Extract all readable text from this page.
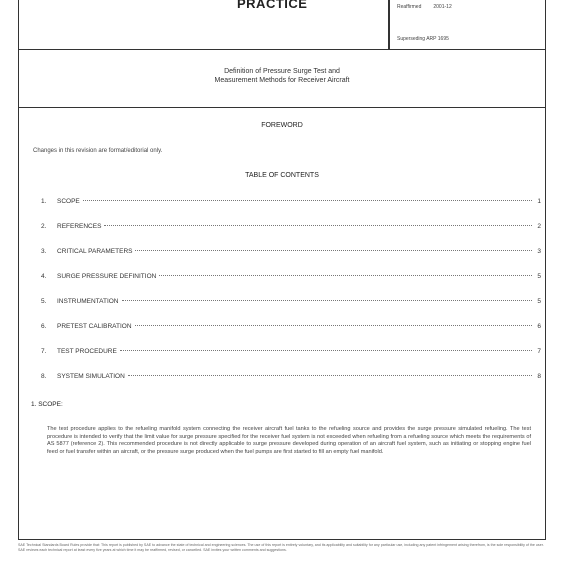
PRACTICE	Reaffirmed 2001-12
Superseding ARP 1695
Definition of Pressure Surge Test and
Measurement Methods for Receiver Aircraft
FOREWORD
Changes in this revision are format/editorial only.
TABLE OF CONTENTS
1.	SCOPE	1
2.	REFERENCES	2
3.	CRITICAL PARAMETERS	3
4.	SURGE PRESSURE DEFINITION	5
5.	INSTRUMENTATION	5
6.	PRETEST CALIBRATION	6
7.	TEST PROCEDURE	7
8.	SYSTEM SIMULATION	8
1. SCOPE:
The test procedure applies to the refueling manifold system connecting the receiver aircraft fuel tanks to the refueling source and provides the surge pressure simulated refueling. The test procedure is intended to verify that the limit value for surge pressure specified for the receiver fuel system is not exceeded when refueling from a refueling source which meets the requirements of AS 5877 (reference 2). This recommended procedure is not directly applicable to surge pressure developed during operation of an aircraft fuel system, such as initiating or stopping engine fuel feed or fuel transfer within an aircraft, or the pressure surge produced when the fuel pumps are first started to fill an empty fuel manifold.
SAE Technical Standards Board Rules provide that: This report is published by SAE to advance the state of technical and engineering sciences. The use of this report is entirely voluntary, and its applicability and suitability for any particular use, including any patent infringement arising therefrom, is the sole responsibility of the user. SAE reviews each technical report at least every five years at which time it may be reaffirmed, revised, or cancelled. SAE invites your written comments and suggestions.
